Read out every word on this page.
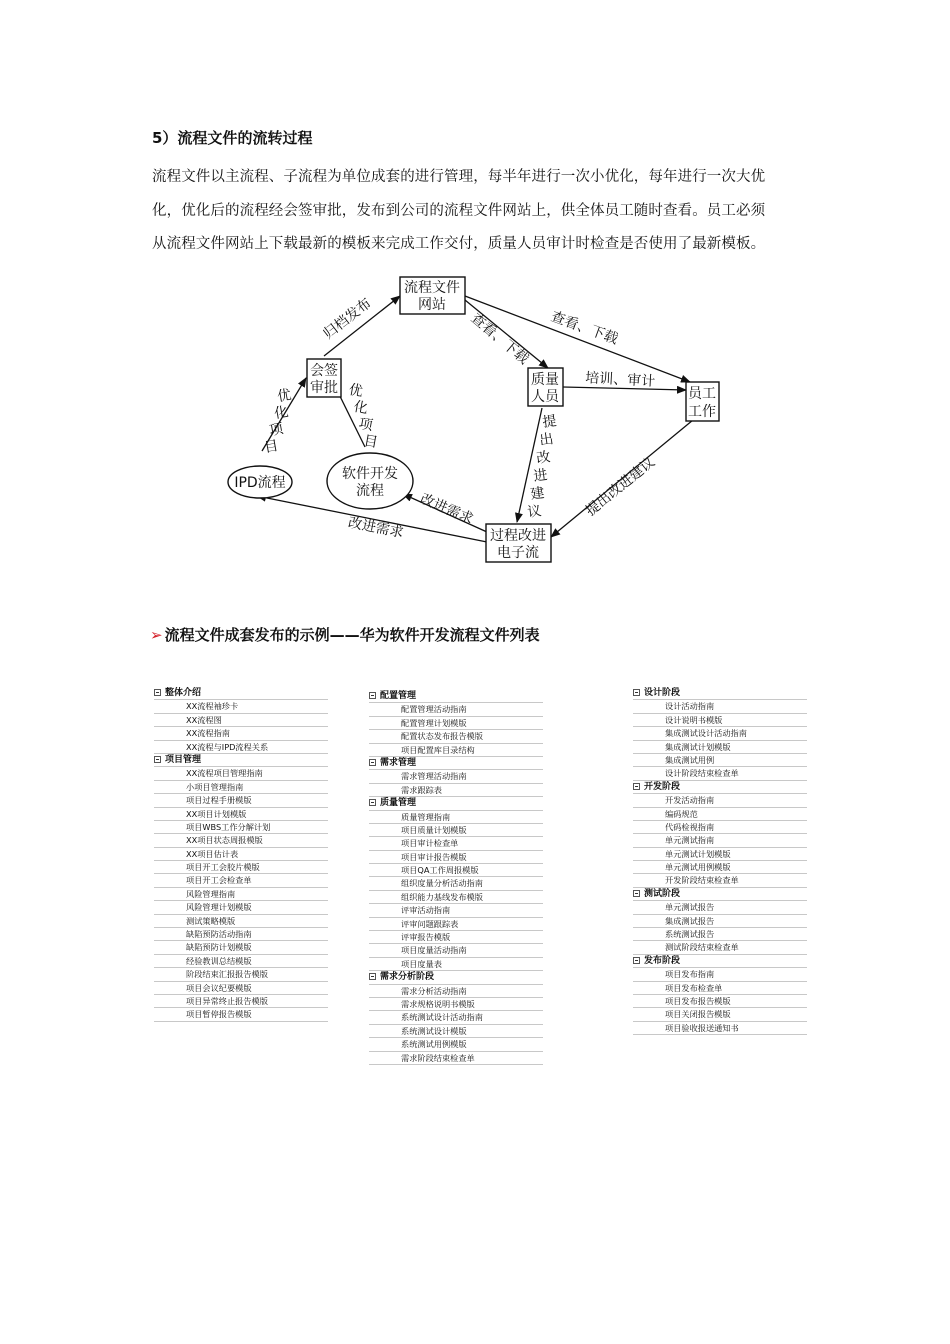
5）流程文件的流转过程
流程文件以主流程、子流程为单位成套的进行管理，每半年进行一次小优化，每年进行一次大优
化，优化后的流程经会签审批，发布到公司的流程文件网站上，供全体员工随时查看。员工必须
从流程文件网站上下载最新的模板来完成工作交付，质量人员审计时检查是否使用了最新模板。
流程文件
网站
会签
审批	质量
人员	员工
工作
过程改进
电子流
IPD流程
软件开发
流程
归档发布	查看、下载
查看、下载
培训、审计
提出改进建议
改进需求
改进需求
优
化
项
目
优
化
项
目
提
出
改
进
建
议
➢ 流程文件成套发布的示例——华为软件开发流程文件列表
整体介绍
XX流程袖珍卡
XX流程图
XX流程指南
XX流程与IPD流程关系
项目管理
XX流程项目管理指南
小项目管理指南
项目过程手册模版
XX项目计划模版
项目WBS工作分解计划
XX项目状态周报模版
XX项目估计表
项目开工会胶片模版
项目开工会检查单
风险管理指南
风险管理计划模版
测试策略模版
缺陷预防活动指南
缺陷预防计划模版
经验教训总结模版
阶段结束汇报报告模版
项目会议纪要模版
项目异常终止报告模版
项目暂停报告模版
配置管理
配置管理活动指南
配置管理计划模版
配置状态发布报告模版
项目配置库目录结构
需求管理
需求管理活动指南
需求跟踪表
质量管理
质量管理指南
项目质量计划模版
项目审计检查单
项目审计报告模版
项目QA工作周报模版
组织度量分析活动指南
组织能力基线发布模版
评审活动指南
评审问题跟踪表
评审报告模版
项目度量活动指南
项目度量表
需求分析阶段
需求分析活动指南
需求规格说明书模版
系统测试设计活动指南
系统测试设计模版
系统测试用例模版
需求阶段结束检查单
设计阶段
设计活动指南
设计说明书模版
集成测试设计活动指南
集成测试计划模版
集成测试用例
设计阶段结束检查单
开发阶段
开发活动指南
编码规范
代码检视指南
单元测试指南
单元测试计划模版
单元测试用例模版
开发阶段结束检查单
测试阶段
单元测试报告
集成测试报告
系统测试报告
测试阶段结束检查单
发布阶段
项目发布指南
项目发布检查单
项目发布报告模版
项目关闭报告模版
项目验收报送通知书
